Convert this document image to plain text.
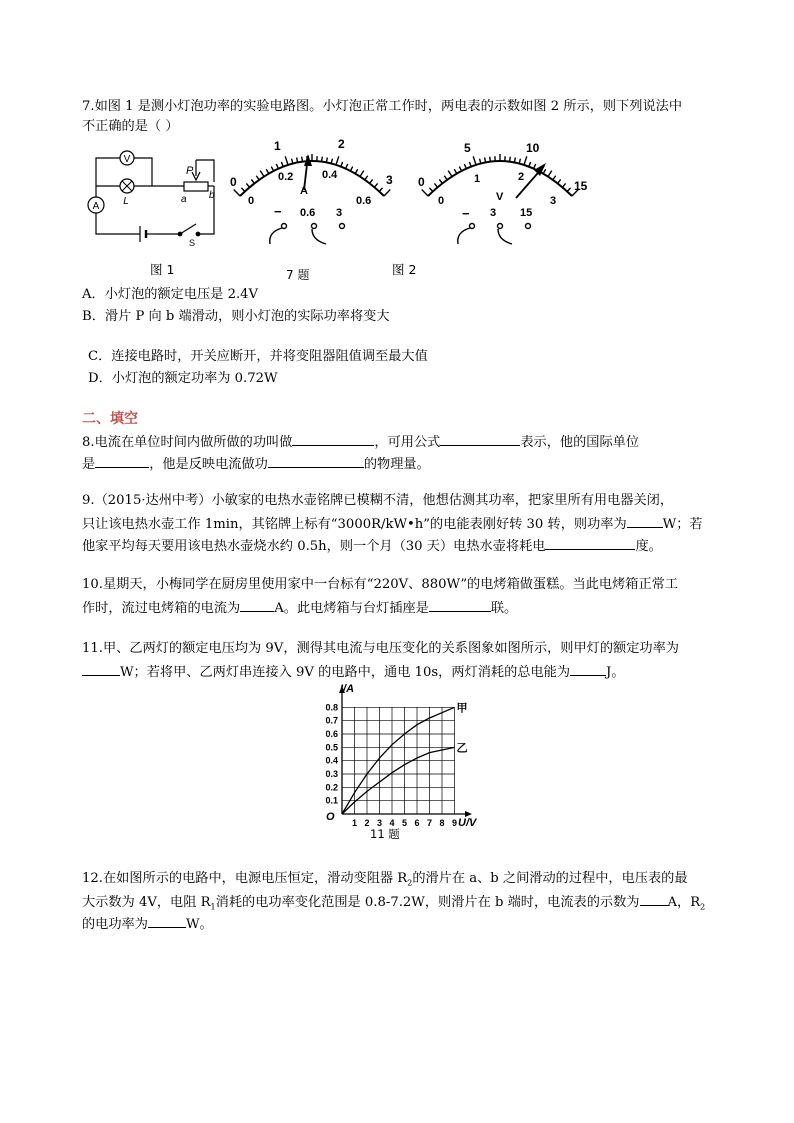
7.如图 1 是测小灯泡功率的实验电路图。小灯泡正常工作时，两电表的示数如图 2 所示，则下列说法中
不正确的是（ ）
A
V
L
P
a b
S
0
1	2
3
0
0.2	0.4
0.6
A
− 0.6 3
0
5	10
15
0
1	2
3
V
− 3 15
图 1	7 题	图 2
A．小灯泡的额定电压是 2.4V
B．滑片 P 向 b 端滑动，则小灯泡的实际功率将变大
C．连接电路时，开关应断开，并将变阻器阻值调至最大值
D．小灯泡的额定功率为 0.72W
二、填空
8.电流在单位时间内做所做的功叫做	，可用公式	表示，他的国际单位
是	，他是反映电流做功	的物理量。
9.（2015·达州中考）小敏家的电热水壶铭牌已模糊不清，他想估测其功率，把家里所有用电器关闭，
只让该电热水壶工作 1min，其铭牌上标有“3000R/kW•h”的电能表刚好转 30 转，则功率为	W；若
他家平均每天要用该电热水壶烧水约 0.5h，则一个月（30 天）电热水壶将耗电	度。
10.星期天，小梅同学在厨房里使用家中一台标有“220V、880W”的电烤箱做蛋糕。当此电烤箱正常工
作时，流过电烤箱的电流为	A。此电烤箱与台灯插座是	联。
11.甲、乙两灯的额定电压均为 9V，测得其电流与电压变化的关系图象如图所示，则甲灯的额定功率为
W；若将甲、乙两灯串连接入 9V 的电路中，通电 10s，两灯消耗的总电能为	J。
1 2 3 4 5 6 7 8 9
0.1
0.2
0.3
0.4
0.5
0.6
0.7
0.8	甲
乙
I/A
U/V
O
11 题
12.在如图所示的电路中，电源电压恒定，滑动变阻器 $R_2$的滑片在 a、b 之间滑动的过程中，电压表的最
大示数为 4V，电阻 $R_1$消耗的电功率变化范围是 0.8-7.2W，则滑片在 b 端时，电流表的示数为 A，$R_2$
的电功率为	W。
